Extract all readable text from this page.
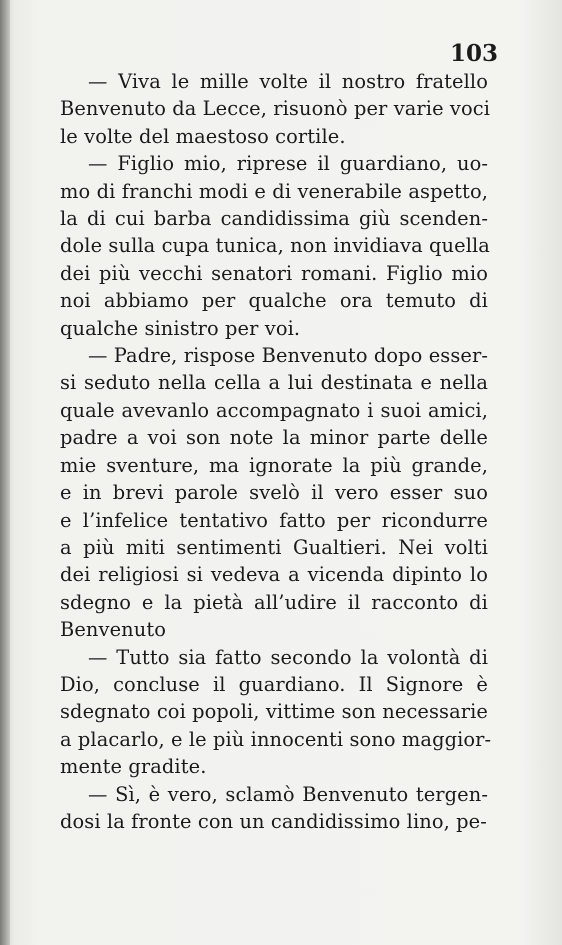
103
— Viva le mille volte il nostro fratello
Benvenuto da Lecce, risuonò per varie voci
le volte del maestoso cortile.
— Figlio mio, riprese il guardiano, uo-
mo di franchi modi e di venerabile aspetto,
la di cui barba candidissima giù scenden-
dole sulla cupa tunica, non invidiava quella
dei più vecchi senatori romani. Figlio mio
noi abbiamo per qualche ora temuto di
qualche sinistro per voi.
— Padre, rispose Benvenuto dopo esser-
si seduto nella cella a lui destinata e nella
quale avevanlo accompagnato i suoi amici,
padre a voi son note la minor parte delle
mie sventure, ma ignorate la più grande,
e in brevi parole svelò il vero esser suo
e l’infelice tentativo fatto per ricondurre
a più miti sentimenti Gualtieri. Nei volti
dei religiosi si vedeva a vicenda dipinto lo
sdegno e la pietà all’udire il racconto di
Benvenuto
— Tutto sia fatto secondo la volontà di
Dio, concluse il guardiano. Il Signore è
sdegnato coi popoli, vittime son necessarie
a placarlo, e le più innocenti sono maggior-
mente gradite.
— Sì, è vero, sclamò Benvenuto tergen-
dosi la fronte con un candidissimo lino, pe-
